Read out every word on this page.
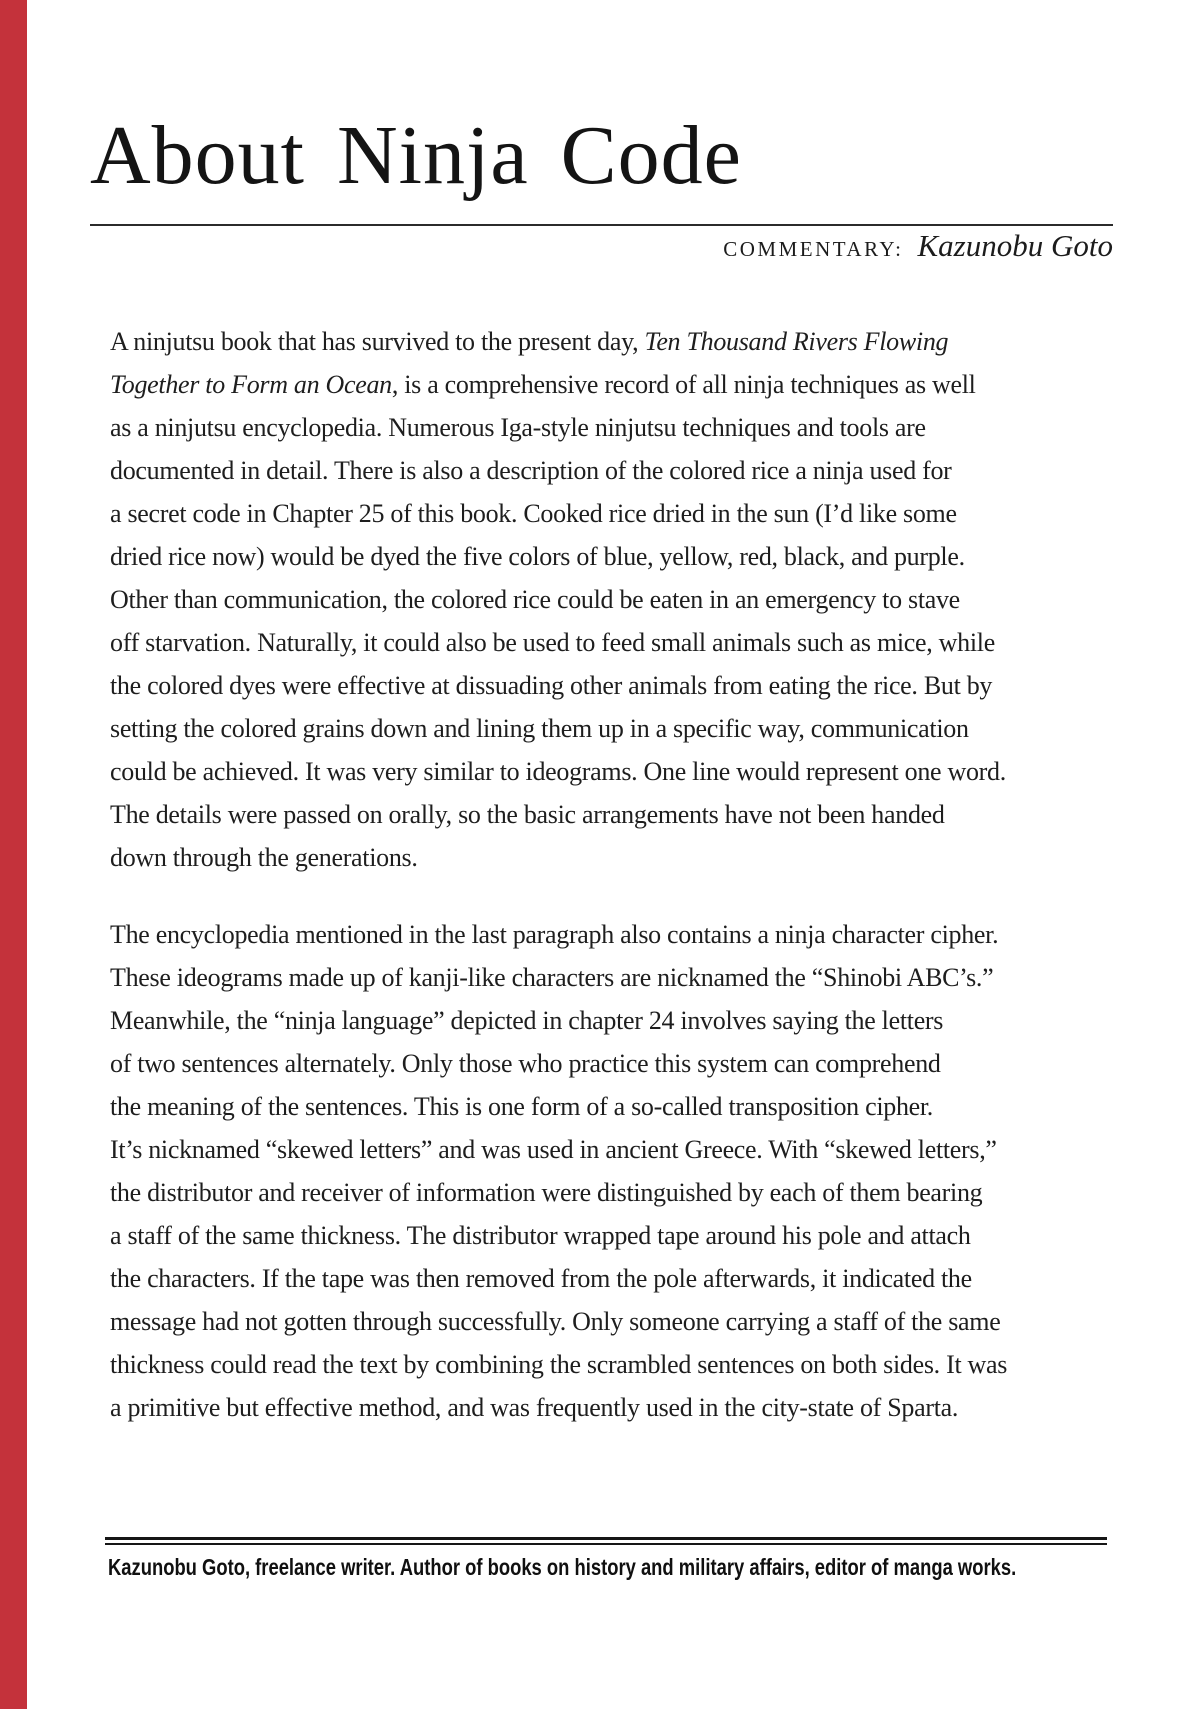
About Ninja Code
COMMENTARY: Kazunobu Goto
A ninjutsu book that has survived to the present day, Ten Thousand Rivers Flowing
Together to Form an Ocean, is a comprehensive record of all ninja techniques as well
as a ninjutsu encyclopedia. Numerous Iga-style ninjutsu techniques and tools are
documented in detail. There is also a description of the colored rice a ninja used for
a secret code in Chapter 25 of this book. Cooked rice dried in the sun (I’d like some
dried rice now) would be dyed the five colors of blue, yellow, red, black, and purple.
Other than communication, the colored rice could be eaten in an emergency to stave
off starvation. Naturally, it could also be used to feed small animals such as mice, while
the colored dyes were effective at dissuading other animals from eating the rice. But by
setting the colored grains down and lining them up in a specific way, communication
could be achieved. It was very similar to ideograms. One line would represent one word.
The details were passed on orally, so the basic arrangements have not been handed
down through the generations.
The encyclopedia mentioned in the last paragraph also contains a ninja character cipher.
These ideograms made up of kanji-like characters are nicknamed the “Shinobi ABC’s.”
Meanwhile, the “ninja language” depicted in chapter 24 involves saying the letters
of two sentences alternately. Only those who practice this system can comprehend
the meaning of the sentences. This is one form of a so-called transposition cipher.
It’s nicknamed “skewed letters” and was used in ancient Greece. With “skewed letters,”
the distributor and receiver of information were distinguished by each of them bearing
a staff of the same thickness. The distributor wrapped tape around his pole and attach
the characters. If the tape was then removed from the pole afterwards, it indicated the
message had not gotten through successfully. Only someone carrying a staff of the same
thickness could read the text by combining the scrambled sentences on both sides. It was
a primitive but effective method, and was frequently used in the city-state of Sparta.
Kazunobu Goto, freelance writer. Author of books on history and military affairs, editor of manga works.
